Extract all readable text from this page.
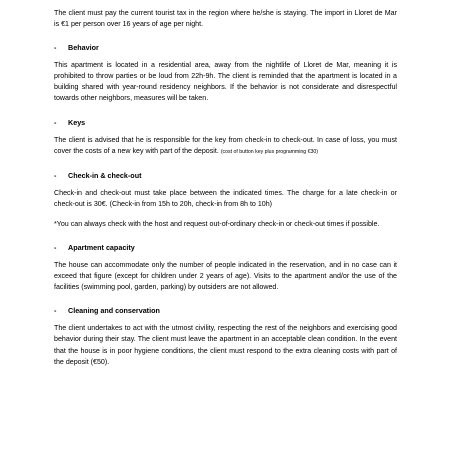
The client must pay the current tourist tax in the region where he/she is staying. The import in Lloret de Mar is €1 per person over 16 years of age per night.

-	Behavior

This apartment is located in a residential area, away from the nightlife of Lloret de Mar, meaning it is prohibited to throw parties or be loud from 22h-9h. The client is reminded that the apartment is located in a building shared with year-round residency neighbors. If the behavior is not considerate and disrespectful towards other neighbors, measures will be taken.

-	Keys

The client is advised that he is responsible for the key from check-in to check-out. In case of loss, you must cover the costs of a new key with part of the deposit. (cost of button key plus programming €30)

-	Check-in & check-out

Check-in and check-out must take place between the indicated times. The charge for a late check-in or check-out is 30€. (Check-in from 15h to 20h, check-in from 8h to 10h)

*You can always check with the host and request out-of-ordinary check-in or check-out times if possible.

-	Apartment capacity

The house can accommodate only the number of people indicated in the reservation, and in no case can it exceed that figure (except for children under 2 years of age). Visits to the apartment and/or the use of the facilities (swimming pool, garden, parking) by outsiders are not allowed.

-	Cleaning and conservation

The client undertakes to act with the utmost civility, respecting the rest of the neighbors and exercising good behavior during their stay. The client must leave the apartment in an acceptable clean condition. In the event that the house is in poor hygiene conditions, the client must respond to the extra cleaning costs with part of the deposit (€50).
